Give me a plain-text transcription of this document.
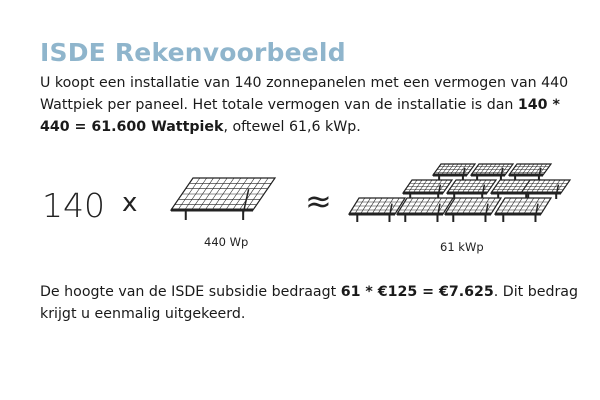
ISDE Rekenvoorbeeld
U koopt een installatie van 140 zonnepanelen met een vermogen van 440 Wattpiek per paneel. Het totale vermogen van de installatie is dan 140 * 440 = 61.600 Wattpiek, oftewel 61,6 kWp.
140 x
440 Wp
≈
61 kWp
De hoogte van de ISDE subsidie bedraagt 61 * €125 = €7.625. Dit bedrag krijgt u eenmalig uitgekeerd.
